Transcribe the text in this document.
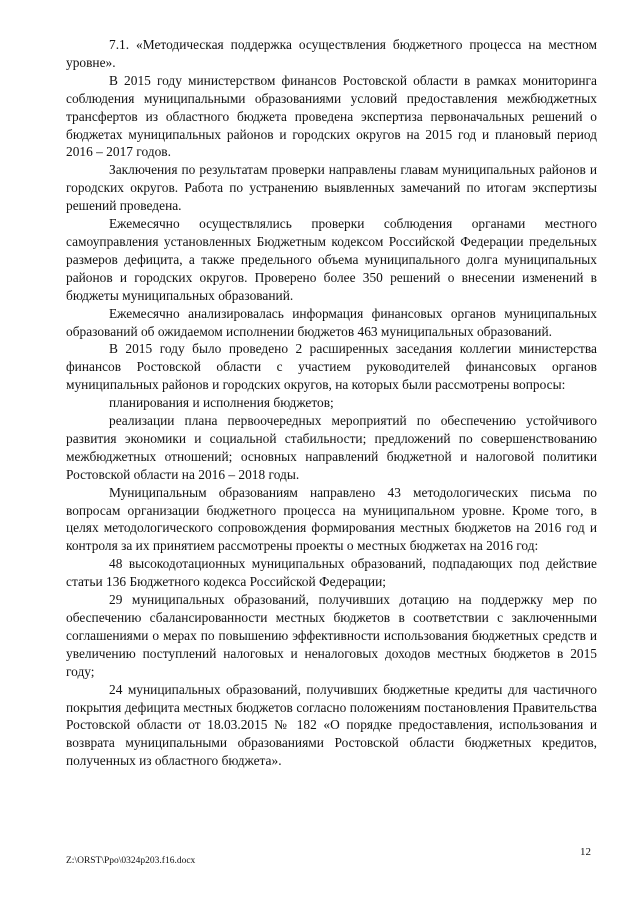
7.1. «Методическая поддержка осуществления бюджетного процесса на местном уровне».

В 2015 году министерством финансов Ростовской области в рамках мониторинга соблюдения муниципальными образованиями условий предоставления межбюджетных трансфертов из областного бюджета проведена экспертиза первоначальных решений о бюджетах муниципальных районов и городских округов на 2015 год и плановый период 2016 – 2017 годов.

Заключения по результатам проверки направлены главам муниципальных районов и городских округов. Работа по устранению выявленных замечаний по итогам экспертизы решений проведена.

Ежемесячно осуществлялись проверки соблюдения органами местного самоуправления установленных Бюджетным кодексом Российской Федерации предельных размеров дефицита, а также предельного объема муниципального долга муниципальных районов и городских округов. Проверено более 350 решений о внесении изменений в бюджеты муниципальных образований.

Ежемесячно анализировалась информация финансовых органов муниципальных образований об ожидаемом исполнении бюджетов 463 муниципальных образований.

В 2015 году было проведено 2 расширенных заседания коллегии министерства финансов Ростовской области с участием руководителей финансовых органов муниципальных районов и городских округов, на которых были рассмотрены вопросы:

планирования и исполнения бюджетов;

реализации плана первоочередных мероприятий по обеспечению устойчивого развития экономики и социальной стабильности; предложений по совершенствованию межбюджетных отношений; основных направлений бюджетной и налоговой политики Ростовской области на 2016 – 2018 годы.

Муниципальным образованиям направлено 43 методологических письма по вопросам организации бюджетного процесса на муниципальном уровне. Кроме того, в целях методологического сопровождения формирования местных бюджетов на 2016 год и контроля за их принятием рассмотрены проекты о местных бюджетах на 2016 год:

48 высокодотационных муниципальных образований, подпадающих под действие статьи 136 Бюджетного кодекса Российской Федерации;

29 муниципальных образований, получивших дотацию на поддержку мер по обеспечению сбалансированности местных бюджетов в соответствии с заключенными соглашениями о мерах по повышению эффективности использования бюджетных средств и увеличению поступлений налоговых и неналоговых доходов местных бюджетов в 2015 году;

24 муниципальных образований, получивших бюджетные кредиты для частичного покрытия дефицита местных бюджетов согласно положениям постановления Правительства Ростовской области от 18.03.2015 № 182 «О порядке предоставления, использования и возврата муниципальными образованиями Ростовской области бюджетных кредитов, полученных из областного бюджета».

12
Z:\ORST\Ppo\0324p203.f16.docx
